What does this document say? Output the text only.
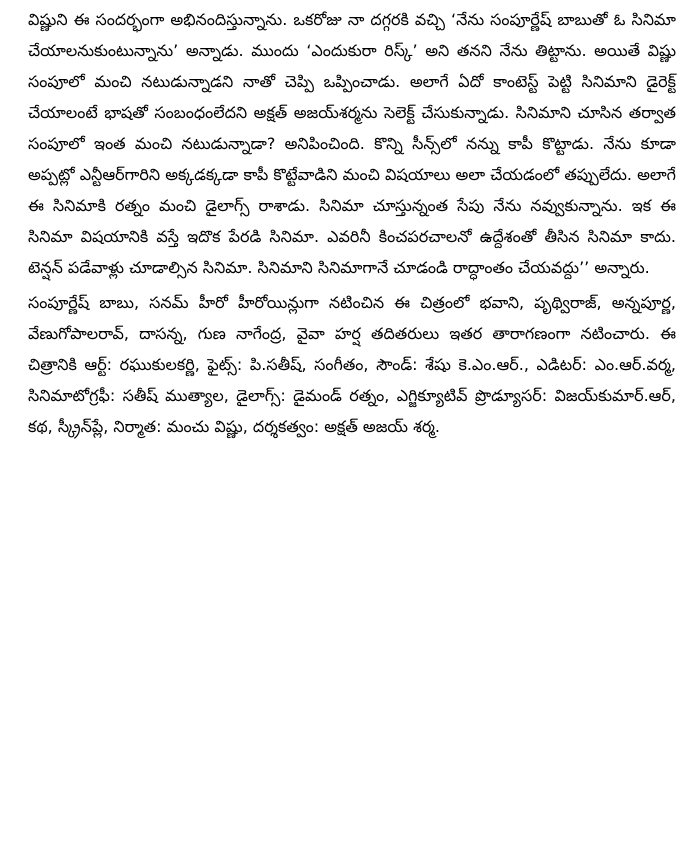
విష్ణుని ఈ సందర్భంగా అభినందిస్తున్నాను. ఒకరోజు నా దగ్గరకి వచ్చి ‘నేను సంపూర్ణేష్ బాబుతో ఓ సినిమా చేయాలనుకుంటున్నాను’ అన్నాడు. ముందు ‘ఎందుకురా రిస్క్’ అని తనని నేను తిట్టాను. అయితే విష్ణు సంపూలో మంచి నటుడున్నాడని నాతో చెప్పి ఒప్పించాడు. అలాగే ఏదో కాంటెస్ట్ పెట్టి సినిమాని డైరెక్ట్ చేయాలంటే భాషతో సంబంధంలేదని అక్షత్ అజయ్‌శర్మను సెలెక్ట్ చేసుకున్నాడు. సినిమాని చూసిన తర్వాత సంపూలో ఇంత మంచి నటుడున్నాడా? అనిపించింది. కొన్ని సీన్స్‌లో నన్ను కాపీ కొట్టాడు. నేను కూడా అప్పట్లో ఎన్టీఆర్‌గారిని అక్కడక్కడా కాపీ కొట్టేవాడిని మంచి విషయాలు అలా చేయడంలో తప్పులేదు. అలాగే ఈ సినిమాకి రత్నం మంచి డైలాగ్స్ రాశాడు. సినిమా చూస్తున్నంత సేపు నేను నవ్వుకున్నాను. ఇక ఈ సినిమా విషయానికి వస్తే ఇదొక పేరడి సినిమా. ఎవరినీ కించపరచాలనో ఉద్దేశంతో తీసిన సినిమా కాదు. టెన్షన్ పడేవాళ్లు చూడాల్సిన సినిమా. సినిమాని సినిమాగానే చూడండి రాద్ధాంతం చేయవద్దు’’ అన్నారు.

సంపూర్ణేష్ బాబు, సనమ్ హీరో హీరోయిన్లుగా నటించిన ఈ చిత్రంలో భవాని, పృథ్విరాజ్, అన్నపూర్ణ, వేణుగోపాలరావ్, దాసన్న, గుణ నాగేంద్ర, వైవా హర్ష తదితరులు ఇతర తారాగణంగా నటించారు. ఈ చిత్రానికి ఆర్ట్: రఘుకులకర్ణి, ఫైట్స్: పి.సతీష్, సంగీతం, సౌండ్: శేషు కె.ఎం.ఆర్., ఎడిటర్: ఎం.ఆర్.వర్మ, సినిమాటోగ్రఫీ: సతీష్ ముత్యాల, డైలాగ్స్: డైమండ్ రత్నం, ఎగ్జిక్యూటివ్ ప్రొడ్యూసర్: విజయ్‌కుమార్.ఆర్, కథ, స్క్రీన్‌ప్లే, నిర్మాత: మంచు విష్ణు, దర్శకత్వం: అక్షత్ అజయ్ శర్మ.
